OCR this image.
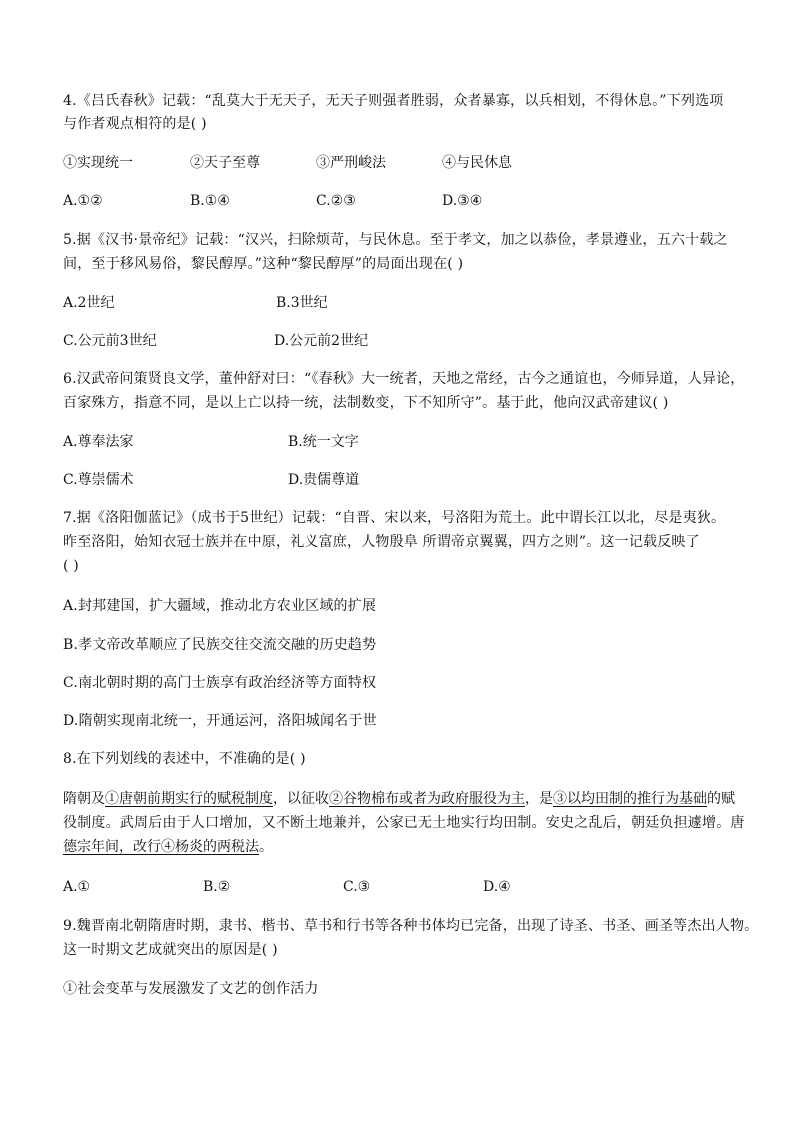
4.《吕氏春秋》记载：“乱莫大于无天子，无天子则强者胜弱，众者暴寡，以兵相划，不得休息。”下列选项
与作者观点相符的是( )
①实现统一	②天子至尊	③严刑峻法	④与民休息
A.①②	B.①④	C.②③	D.③④
5.据《汉书·景帝纪》记载：“汉兴，扫除烦苛，与民休息。至于孝文，加之以恭俭，孝景遵业，五六十载之
间，至于移风易俗，黎民醇厚。”这种“黎民醇厚”的局面出现在( )
A.2世纪	B.3世纪
C.公元前3世纪	D.公元前2世纪
6.汉武帝问策贤良文学，董仲舒对曰：“《春秋》大一统者，天地之常经，古今之通谊也，今师异道，人异论，
百家殊方，指意不同，是以上亡以持一统，法制数变，下不知所守”。基于此，他向汉武帝建议( )
A.尊奉法家	B.统一文字
C.尊崇儒术	D.贵儒尊道
7.据《洛阳伽蓝记》（成书于5世纪）记载：“自晋、宋以来，号洛阳为荒土。此中谓长江以北，尽是夷狄。
昨至洛阳，始知衣冠士族并在中原，礼义富庶，人物殷阜 所谓帝京翼翼，四方之则”。这一记载反映了
( )
A.封邦建国，扩大疆域，推动北方农业区域的扩展
B.孝文帝改革顺应了民族交往交流交融的历史趋势
C.南北朝时期的高门士族享有政治经济等方面特权
D.隋朝实现南北统一，开通运河，洛阳城闻名于世
8.在下列划线的表述中，不准确的是( )
隋朝及①唐朝前期实行的赋税制度，以征收②谷物棉布或者为政府服役为主，是③以均田制的推行为基础的赋
役制度。武周后由于人口增加，又不断土地兼并，公家已无土地实行均田制。安史之乱后，朝廷负担遽增。唐
德宗年间，改行④杨炎的两税法。
A.①	B.②	C.③	D.④
9.魏晋南北朝隋唐时期，隶书、楷书、草书和行书等各种书体均已完备，出现了诗圣、书圣、画圣等杰出人物。
这一时期文艺成就突出的原因是( )
①社会变革与发展激发了文艺的创作活力
